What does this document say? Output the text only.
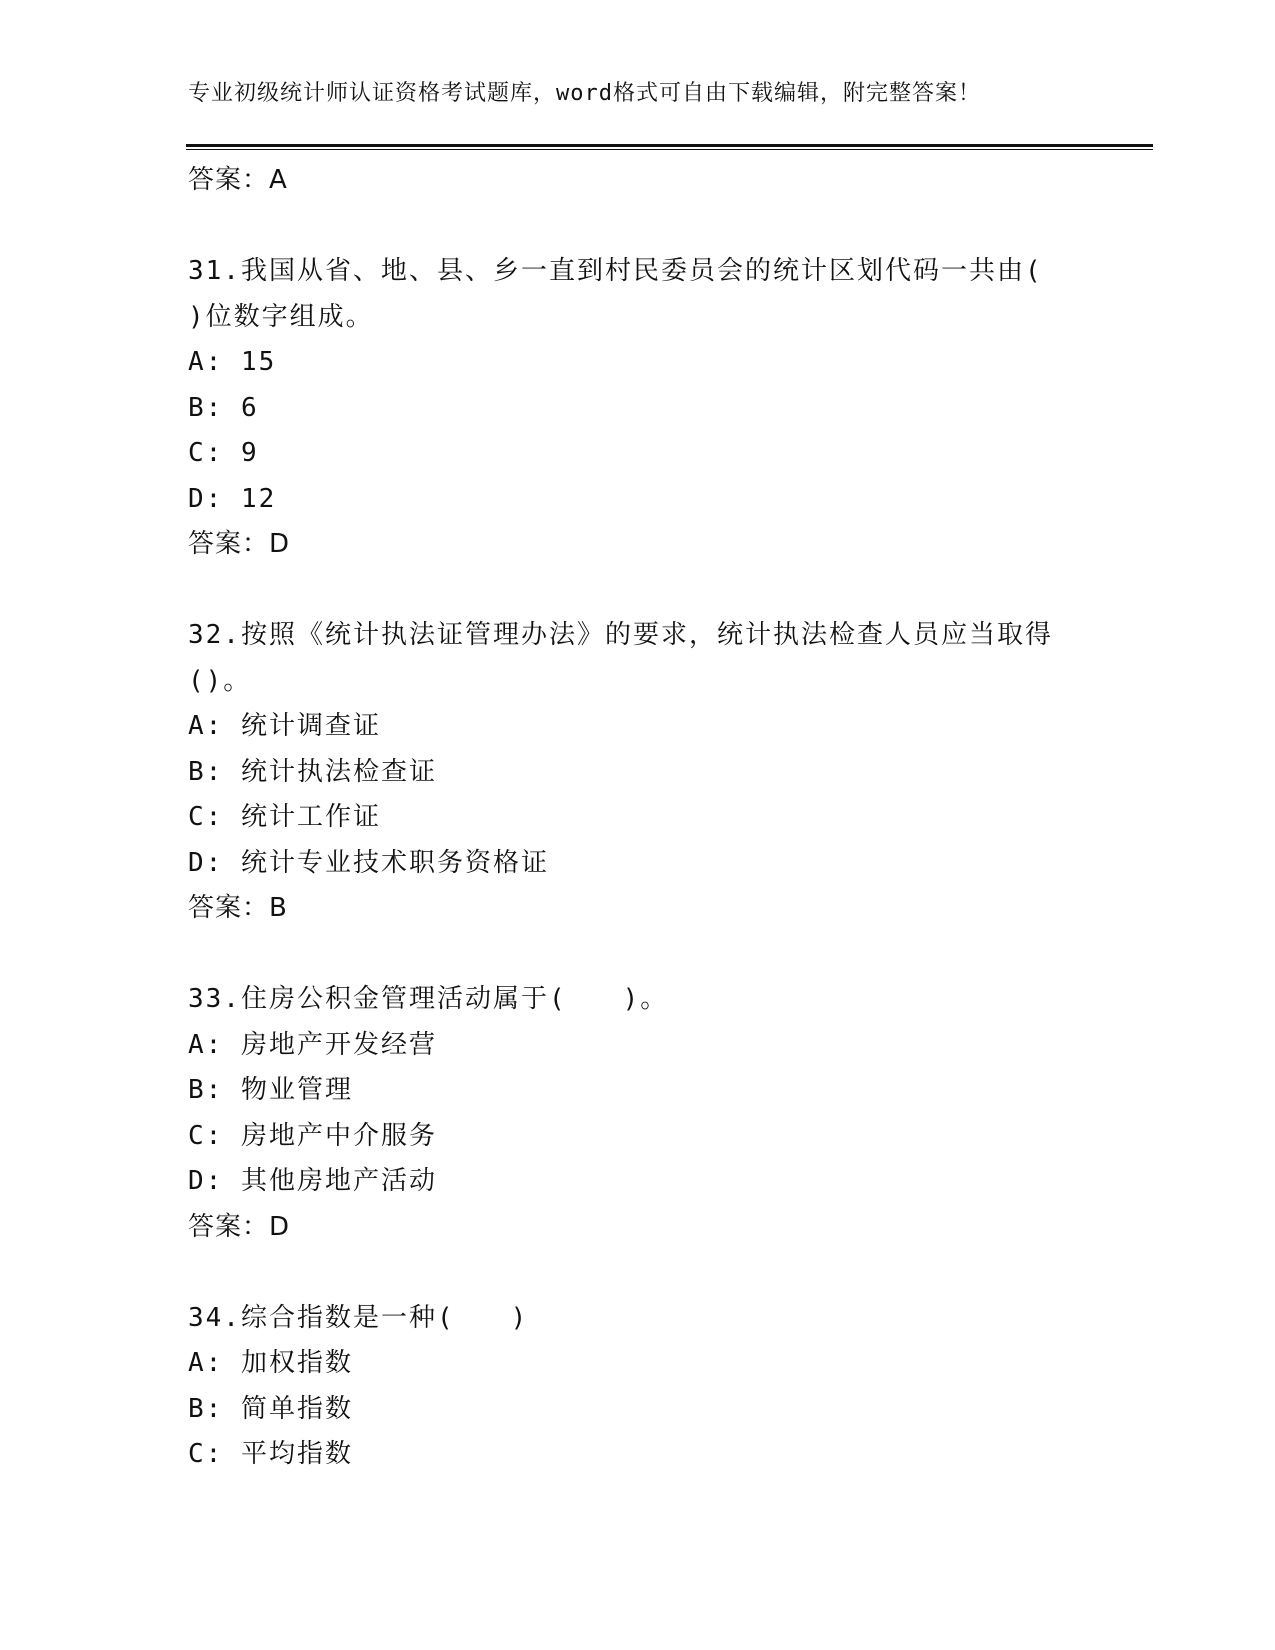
专业初级统计师认证资格考试题库，word格式可自由下载编辑，附完整答案！
答案：A
31.我国从省、地、县、乡一直到村民委员会的统计区划代码一共由(
)位数字组成。
A: 15
B: 6
C: 9
D: 12
答案：D
32.按照《统计执法证管理办法》的要求，统计执法检查人员应当取得
()。
A: 统计调查证
B: 统计执法检查证
C: 统计工作证
D: 统计专业技术职务资格证
答案：B
33.住房公积金管理活动属于(　　)。
A: 房地产开发经营
B: 物业管理
C: 房地产中介服务
D: 其他房地产活动
答案：D
34.综合指数是一种(　　)
A: 加权指数
B: 简单指数
C: 平均指数
